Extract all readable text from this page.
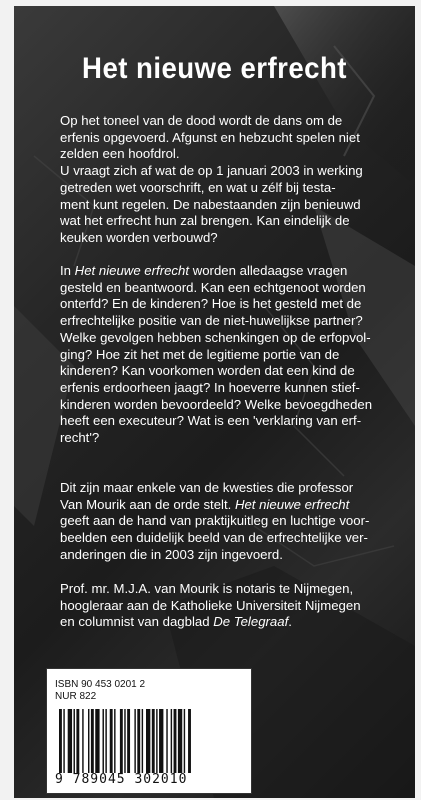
Het nieuwe erfrecht

Op het toneel van de dood wordt de dans om de

erfenis opgevoerd. Afgunst en hebzucht spelen niet

zelden een hoofdrol.

U vraagt zich af wat de op 1 januari 2003 in werking

getreden wet voorschrift, en wat u zélf bij testa-

ment kunt regelen. De nabestaanden zijn benieuwd

wat het erfrecht hun zal brengen. Kan eindelijk de

keuken worden verbouwd?

In Het nieuwe erfrecht worden alledaagse vragen

gesteld en beantwoord. Kan een echtgenoot worden

onterfd? En de kinderen? Hoe is het gesteld met de

erfrechtelijke positie van de niet-huwelijkse partner?

Welke gevolgen hebben schenkingen op de erfopvol-

ging? Hoe zit het met de legitieme portie van de

kinderen? Kan voorkomen worden dat een kind de

erfenis erdoorheen jaagt? In hoeverre kunnen stief-

kinderen worden bevoordeeld? Welke bevoegdheden

heeft een executeur? Wat is een 'verklaring van erf-

recht'?

Dit zijn maar enkele van de kwesties die professor

Van Mourik aan de orde stelt. Het nieuwe erfrecht

geeft aan de hand van praktijkuitleg en luchtige voor-

beelden een duidelijk beeld van de erfrechtelijke ver-

anderingen die in 2003 zijn ingevoerd.

Prof. mr. M.J.A. van Mourik is notaris te Nijmegen,

hoogleraar aan de Katholieke Universiteit Nijmegen

en columnist van dagblad De Telegraaf.

ISBN 90 453 0201 2
NUR 822
9 789045 302010
